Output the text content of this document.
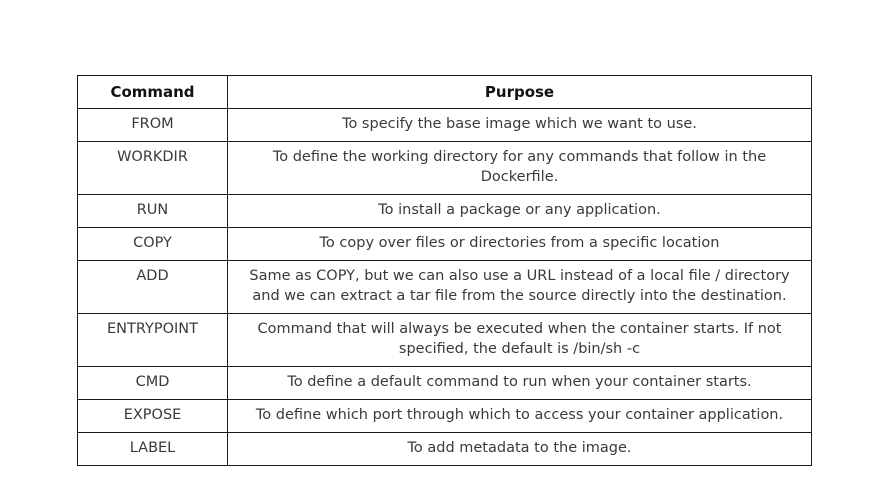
Command	Purpose
FROM	To specify the base image which we want to use.
WORKDIR	To define the working directory for any commands that follow in the Dockerfile.
RUN	To install a package or any application.
COPY	To copy over files or directories from a specific location
ADD	Same as COPY, but we can also use a URL instead of a local file / directory and we can extract a tar file from the source directly into the destination.
ENTRYPOINT	Command that will always be executed when the container starts. If not specified, the default is /bin/sh -c
CMD	To define a default command to run when your container starts.
EXPOSE	To define which port through which to access your container application.
LABEL	To add metadata to the image.
